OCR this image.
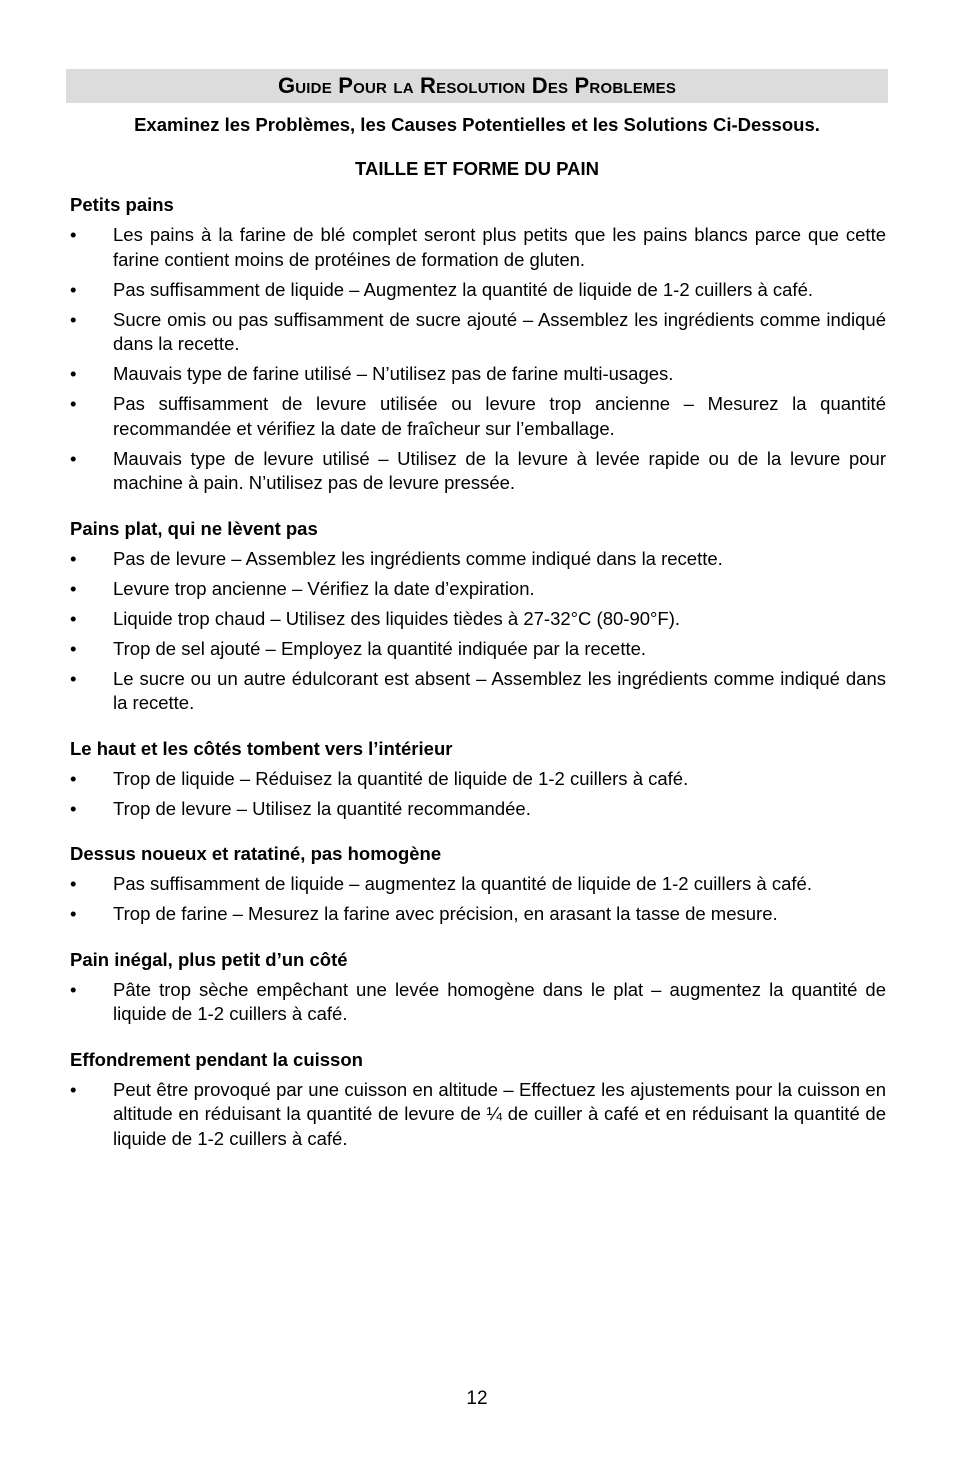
Guide Pour la Resolution Des Problemes
Examinez les Problèmes, les Causes Potentielles et les Solutions Ci-Dessous.
TAILLE ET FORME DU PAIN
Petits pains
•	Les pains à la farine de blé complet seront plus petits que les pains blancs parce que cette farine contient moins de protéines de formation de gluten.
•	Pas suffisamment de liquide – Augmentez la quantité de liquide de 1-2 cuillers à café.
•	Sucre omis ou pas suffisamment de sucre ajouté – Assemblez les ingrédients comme indiqué dans la recette.
•	Mauvais type de farine utilisé – N’utilisez pas de farine multi-usages.
•	Pas suffisamment de levure utilisée ou levure trop ancienne – Mesurez la quantité recommandée et vérifiez la date de fraîcheur sur l’emballage.
•	Mauvais type de levure utilisé – Utilisez de la levure à levée rapide ou de la levure pour machine à pain. N’utilisez pas de levure pressée.
Pains plat, qui ne lèvent pas
•	Pas de levure – Assemblez les ingrédients comme indiqué dans la recette.
•	Levure trop ancienne – Vérifiez la date d’expiration.
•	Liquide trop chaud – Utilisez des liquides tièdes à 27-32°C (80-90°F).
•	Trop de sel ajouté – Employez la quantité indiquée par la recette.
•	Le sucre ou un autre édulcorant est absent – Assemblez les ingrédients comme indiqué dans la recette.
Le haut et les côtés tombent vers l’intérieur
•	Trop de liquide – Réduisez la quantité de liquide de 1-2 cuillers à café.
•	Trop de levure – Utilisez la quantité recommandée.
Dessus noueux et ratatiné, pas homogène
•	Pas suffisamment de liquide – augmentez la quantité de liquide de 1-2 cuillers à café.
•	Trop de farine – Mesurez la farine avec précision, en arasant la tasse de mesure.
Pain inégal, plus petit d’un côté
•	Pâte trop sèche empêchant une levée homogène dans le plat – augmentez la quantité de liquide de 1-2 cuillers à café.
Effondrement pendant la cuisson
•	Peut être provoqué par une cuisson en altitude – Effectuez les ajustements pour la cuisson en altitude en réduisant la quantité de levure de ¼ de cuiller à café et en réduisant la quantité de liquide de 1-2 cuillers à café.
12
